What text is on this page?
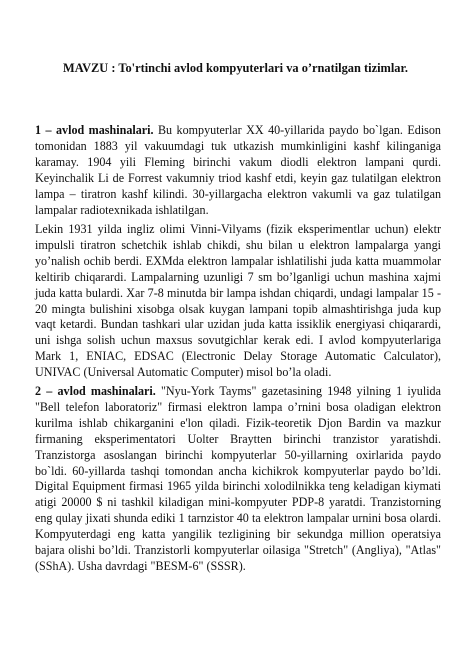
MAVZU : To'rtinchi avlod kompyuterlari va o’rnatilgan tizimlar.

1 – avlod mashinalari. Bu kompyuterlar XX 40-yillarida paydo bo`lgan. Edison tomonidan 1883 yil vakuumdagi tuk utkazish mumkinligini kashf kilinganiga karamay. 1904 yili Fleming birinchi vakum diodli elektron lampani qurdi. Keyinchalik Li de Forrest vakumniy triod kashf etdi, keyin gaz tulatilgan elektron lampa – tiratron kashf kilindi. 30-yillargacha elektron vakumli va gaz tulatilgan lampalar radiotexnikada ishlatilgan.

Lekin 1931 yilda ingliz olimi Vinni-Vilyams (fizik eksperimentlar uchun) elektr impulsli tiratron schetchik ishlab chikdi, shu bilan u elektron lampalarga yangi yo’nalish ochib berdi. EXMda elektron lampalar ishlatilishi juda katta muammolar keltirib chiqarardi. Lampalarning uzunligi 7 sm bo’lganligi uchun mashina xajmi juda katta bulardi. Xar 7-8 minutda bir lampa ishdan chiqardi, undagi lampalar 15 - 20 mingta bulishini xisobga olsak kuygan lampani topib almashtirishga juda kup vaqt ketardi. Bundan tashkari ular uzidan juda katta issiklik energiyasi chiqarardi, uni ishga solish uchun maxsus sovutgichlar kerak edi. I avlod kompyuterlariga Mark 1, ENIAC, EDSAC (Electronic Delay Storage Automatic Calculator), UNIVAC (Universal Automatic Computer) misol bo’la oladi.

2 – avlod mashinalari. "Nyu-York Tayms" gazetasining 1948 yilning 1 iyulida "Bell telefon laboratoriz" firmasi elektron lampa o’rnini bosa oladigan elektron kurilma ishlab chikarganini e'lon qiladi. Fizik-teoretik Djon Bardin va mazkur firmaning eksperimentatori Uolter Braytten birinchi tranzistor yaratishdi. Tranzistorga asoslangan birinchi kompyuterlar 50-yillarning oxirlarida paydo bo`ldi. 60-yillarda tashqi tomondan ancha kichikrok kompyuterlar paydo bo’ldi. Digital Equipment firmasi 1965 yilda birinchi xolodilnikka teng keladigan kiymati atigi 20000 $ ni tashkil kiladigan mini-kompyuter PDP-8 yaratdi. Tranzistorning eng qulay jixati shunda ediki 1 tarnzistor 40 ta elektron lampalar urnini bosa olardi. Kompyuterdagi eng katta yangilik tezligining bir sekundga million operatsiya bajara olishi bo’ldi. Tranzistorli kompyuterlar oilasiga "Stretch" (Angliya), "Atlas" (SShA). Usha davrdagi "BESM-6" (SSSR).
